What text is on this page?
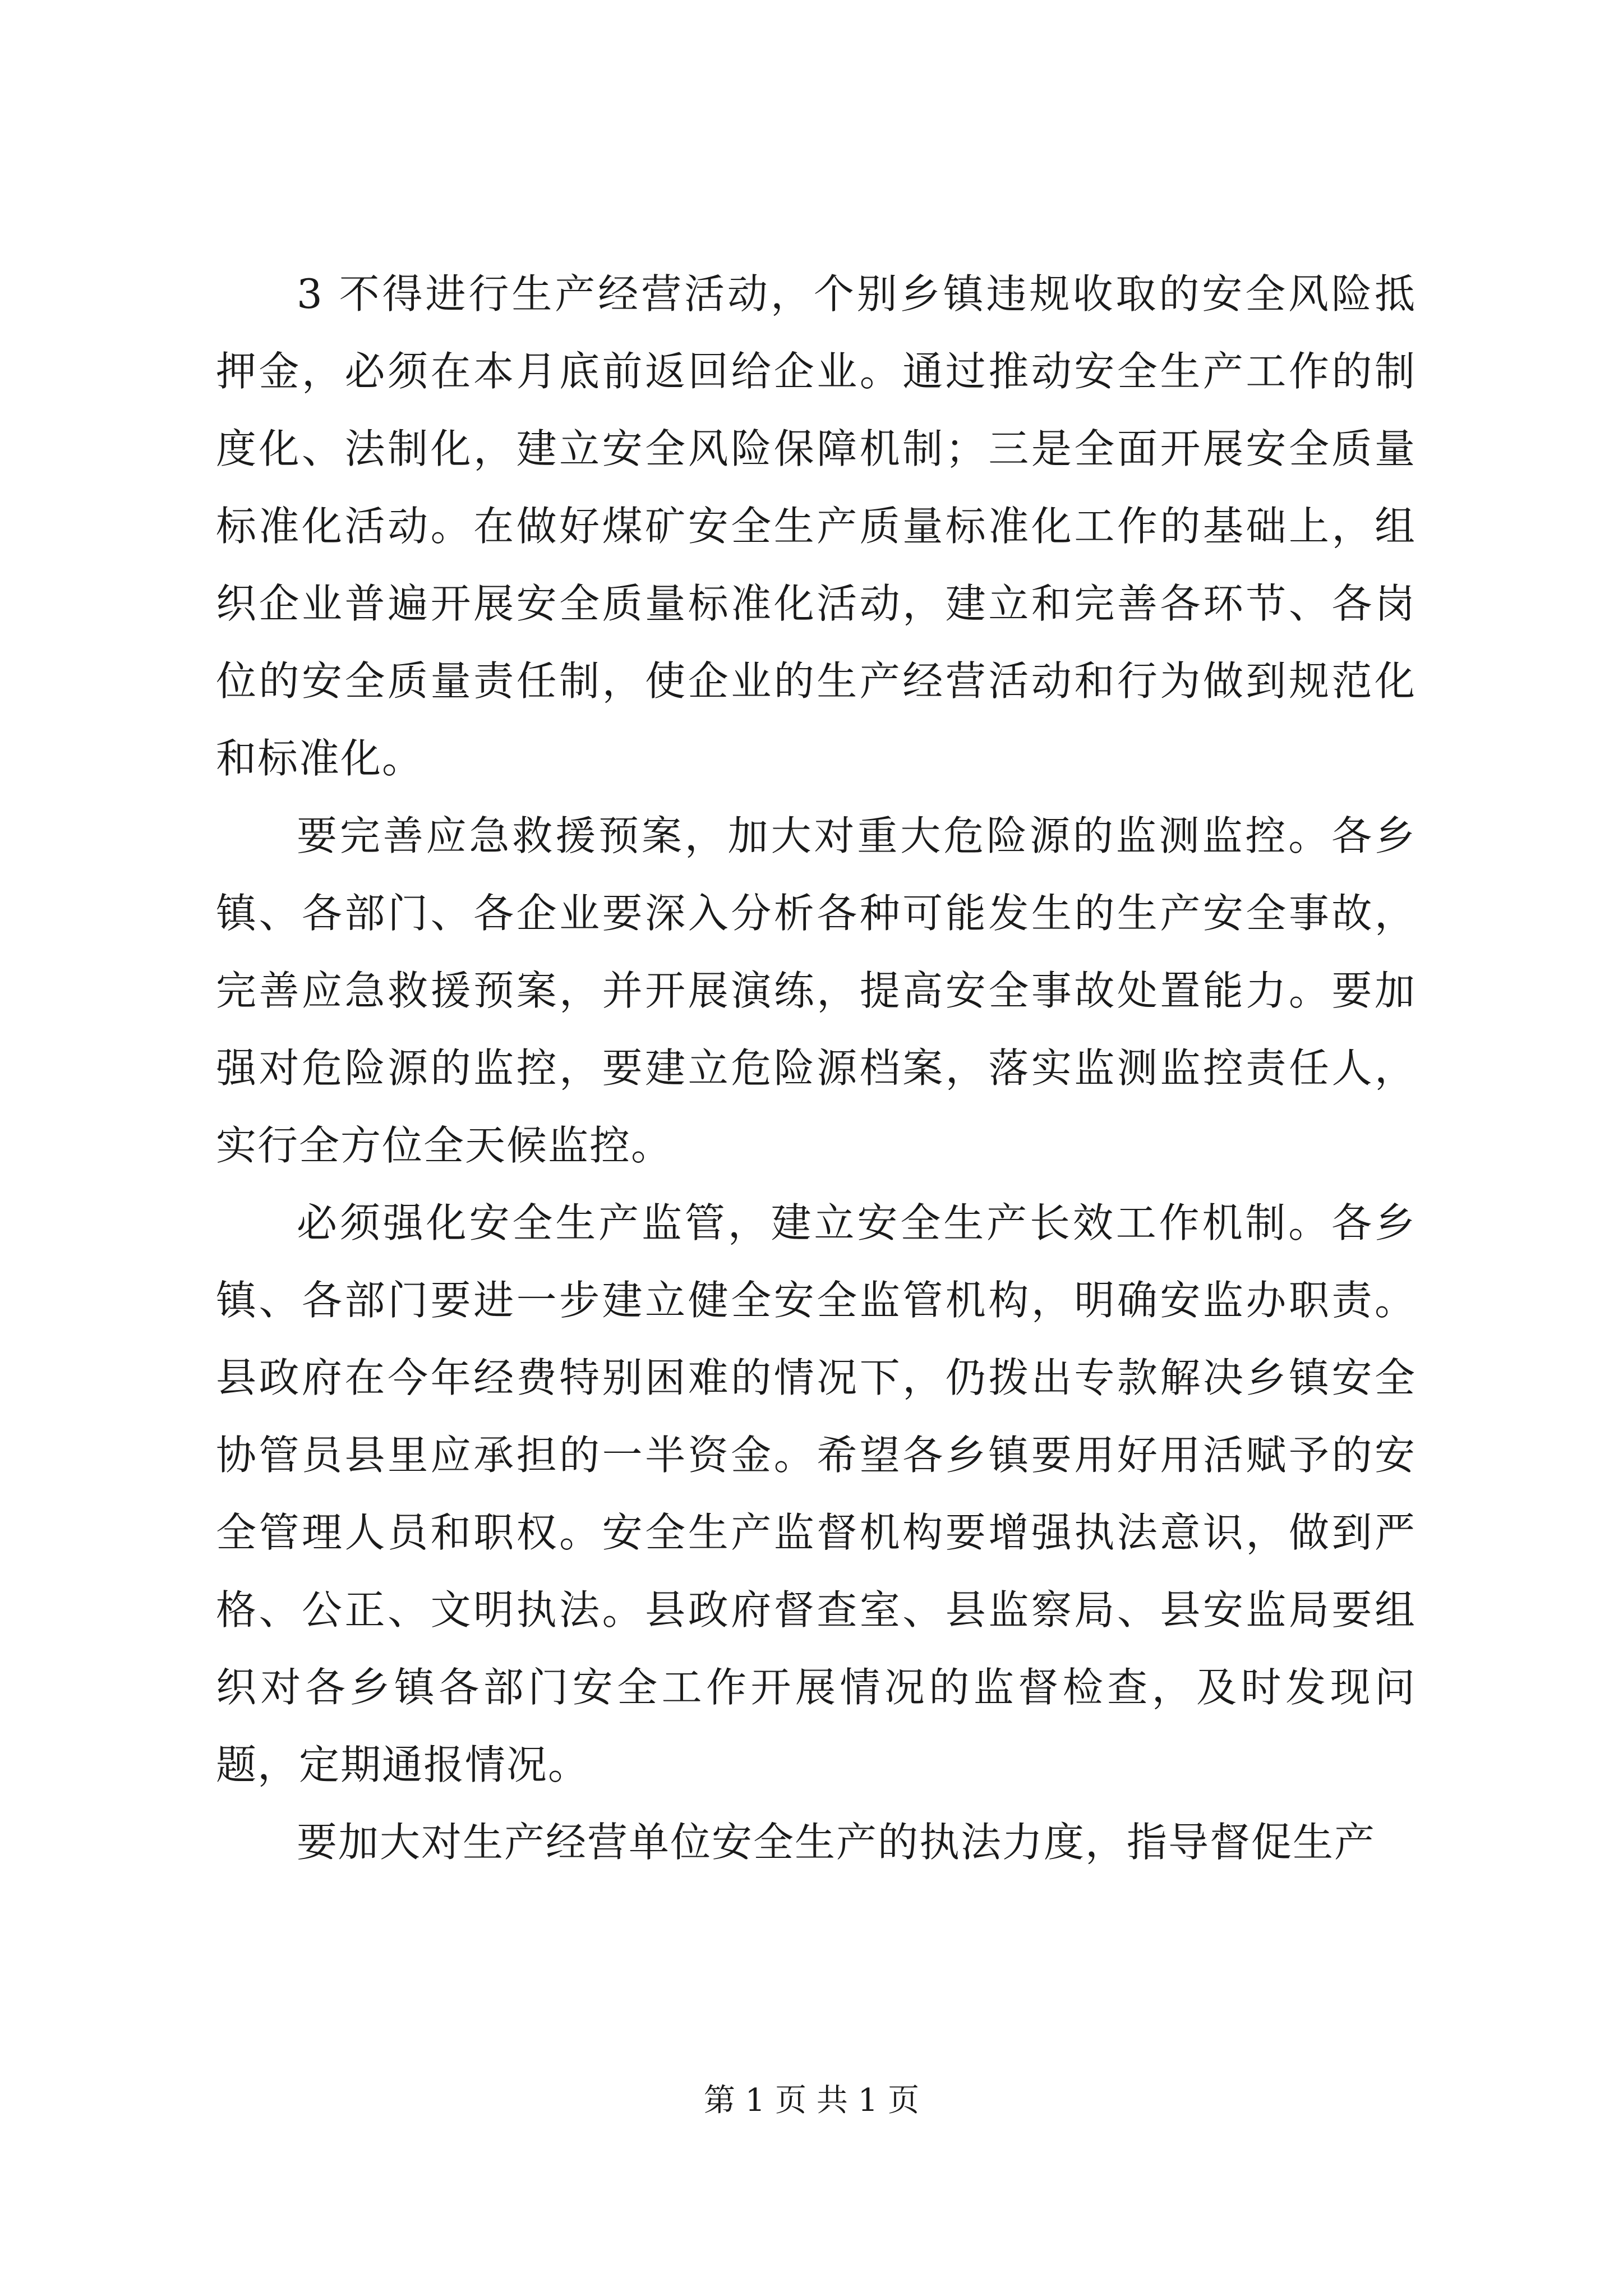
3 不得进行生产经营活动，个别乡镇违规收取的安全风险抵押金，必须在本月底前返回给企业。通过推动安全生产工作的制度化、法制化，建立安全风险保障机制；三是全面开展安全质量标准化活动。在做好煤矿安全生产质量标准化工作的基础上，组织企业普遍开展安全质量标准化活动，建立和完善各环节、各岗位的安全质量责任制，使企业的生产经营活动和行为做到规范化和标准化。

要完善应急救援预案，加大对重大危险源的监测监控。各乡镇、各部门、各企业要深入分析各种可能发生的生产安全事故，完善应急救援预案，并开展演练，提高安全事故处置能力。要加强对危险源的监控，要建立危险源档案，落实监测监控责任人，实行全方位全天候监控。

必须强化安全生产监管，建立安全生产长效工作机制。各乡镇、各部门要进一步建立健全安全监管机构，明确安监办职责。县政府在今年经费特别困难的情况下，仍拨出专款解决乡镇安全协管员县里应承担的一半资金。希望各乡镇要用好用活赋予的安全管理人员和职权。安全生产监督机构要增强执法意识，做到严格、公正、文明执法。县政府督查室、县监察局、县安监局要组织对各乡镇各部门安全工作开展情况的监督检查，及时发现问题，定期通报情况。

要加大对生产经营单位安全生产的执法力度，指导督促生产

第 1 页 共 1 页
